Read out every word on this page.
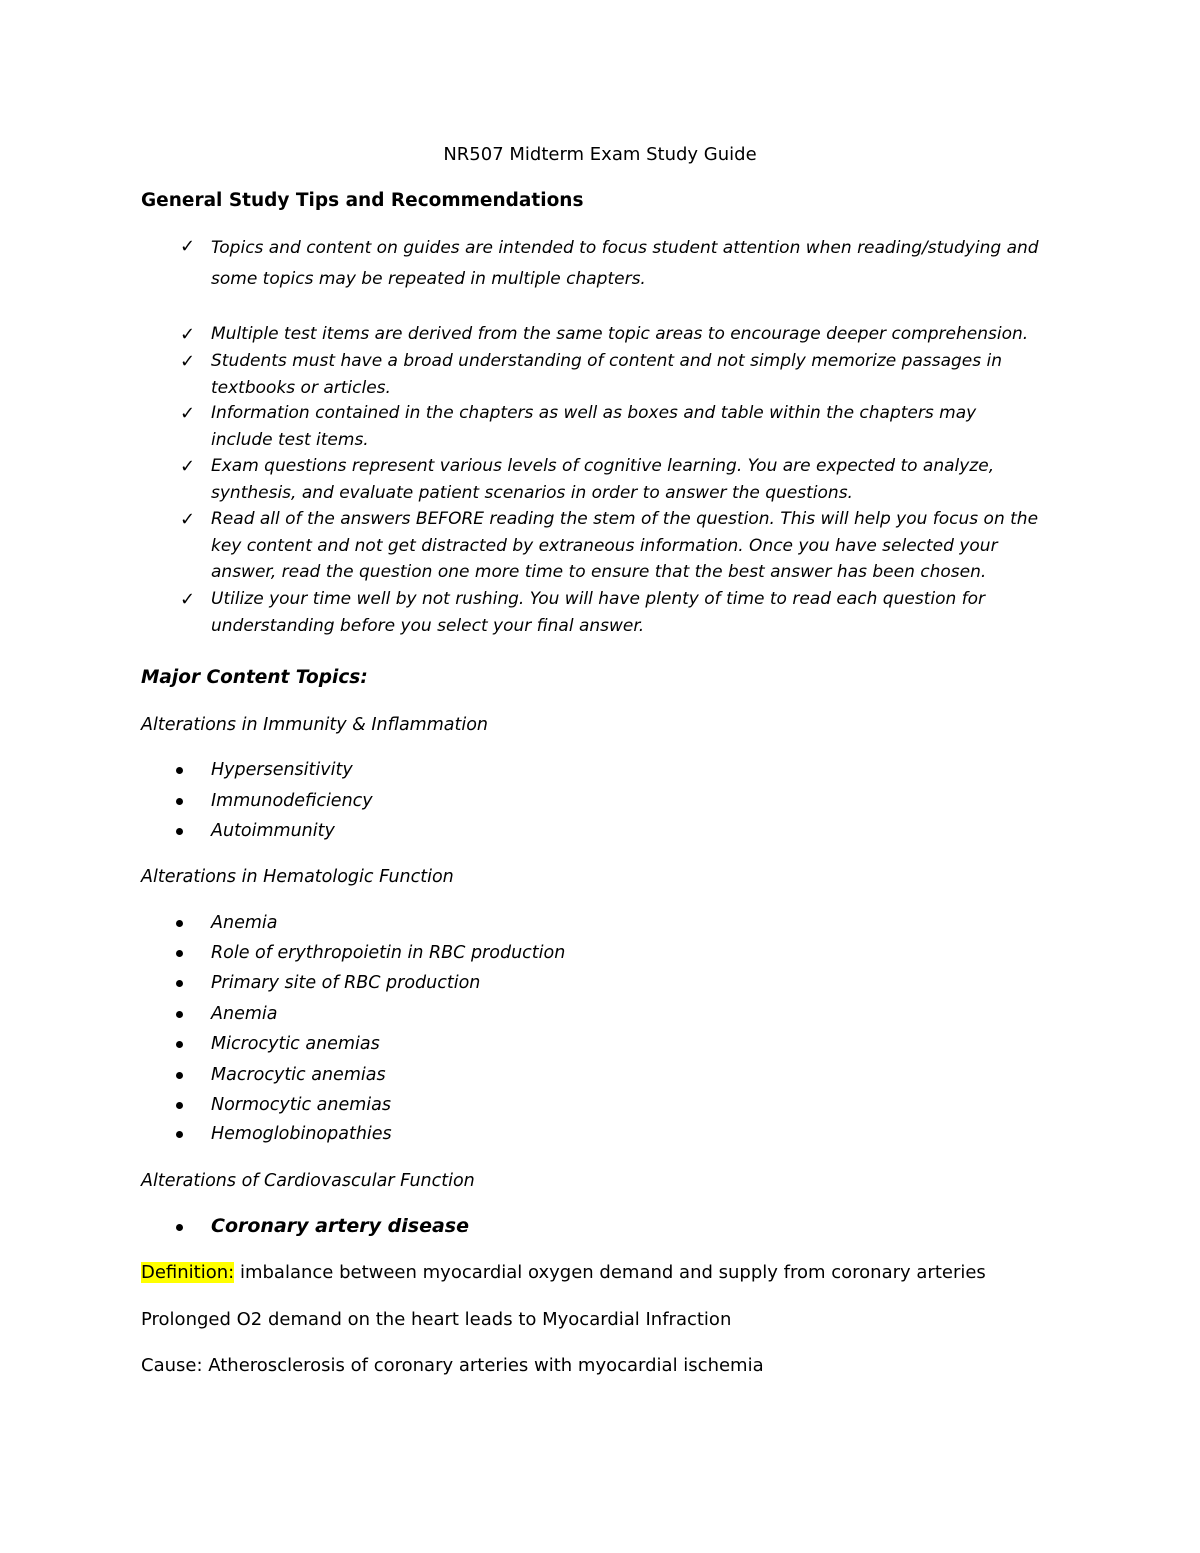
NR507 Midterm Exam Study Guide
General Study Tips and Recommendations
✓ Topics and content on guides are intended to focus student attention when reading/studying and
some topics may be repeated in multiple chapters.
✓ Multiple test items are derived from the same topic areas to encourage deeper comprehension.
✓ Students must have a broad understanding of content and not simply memorize passages in
textbooks or articles.
✓ Information contained in the chapters as well as boxes and table within the chapters may
include test items.
✓ Exam questions represent various levels of cognitive learning. You are expected to analyze,
synthesis, and evaluate patient scenarios in order to answer the questions.
✓ Read all of the answers BEFORE reading the stem of the question. This will help you focus on the
key content and not get distracted by extraneous information. Once you have selected your
answer, read the question one more time to ensure that the best answer has been chosen.
✓ Utilize your time well by not rushing. You will have plenty of time to read each question for
understanding before you select your final answer.
Major Content Topics:
Alterations in Immunity & Inflammation
Hypersensitivity
Immunodeficiency
Autoimmunity
Alterations in Hematologic Function
Anemia
Role of erythropoietin in RBC production
Primary site of RBC production
Anemia
Microcytic anemias
Macrocytic anemias
Normocytic anemias
Hemoglobinopathies
Alterations of Cardiovascular Function
Coronary artery disease
Definition: imbalance between myocardial oxygen demand and supply from coronary arteries
Prolonged O2 demand on the heart leads to Myocardial Infraction
Cause: Atherosclerosis of coronary arteries with myocardial ischemia
